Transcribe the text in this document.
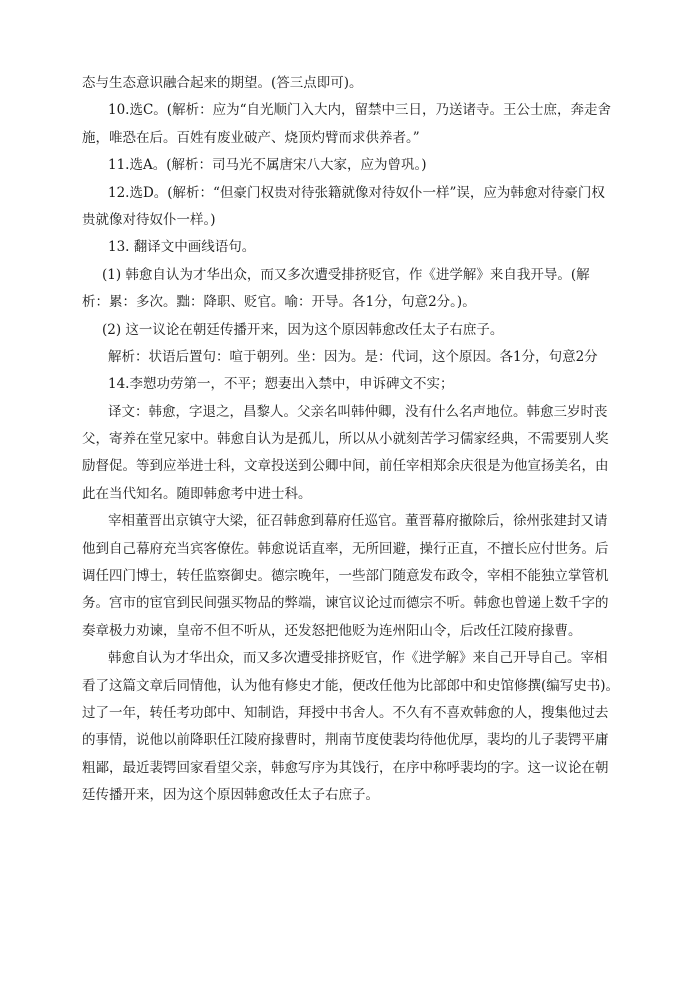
态与生态意识融合起来的期望。(答三点即可)。
10.选C。(解析：应为“自光顺门入大内，留禁中三日，乃送诸寺。王公士庶，奔走舍
施，唯恐在后。百姓有废业破产、烧顶灼臂而求供养者。”
11.选A。(解析：司马光不属唐宋八大家，应为曾巩。)
12.选D。(解析：“但豪门权贵对待张籍就像对待奴仆一样”误，应为韩愈对待豪门权
贵就像对待奴仆一样。)
13. 翻译文中画线语句。
(1) 韩愈自认为才华出众，而又多次遭受排挤贬官，作《进学解》来自我开导。(解
析：累：多次。黜：降职、贬官。喻：开导。各1分，句意2分。)。
(2) 这一议论在朝廷传播开来，因为这个原因韩愈改任太子右庶子。
解析：状语后置句：喧于朝列。坐：因为。是：代词，这个原因。各1分，句意2分
14.李愬功劳第一，不平；愬妻出入禁中，申诉碑文不实；
译文：韩愈，字退之，昌黎人。父亲名叫韩仲卿，没有什么名声地位。韩愈三岁时丧
父，寄养在堂兄家中。韩愈自认为是孤儿，所以从小就刻苦学习儒家经典，不需要别人奖
励督促。等到应举进士科，文章投送到公卿中间，前任宰相郑余庆很是为他宣扬美名，由
此在当代知名。随即韩愈考中进士科。
宰相董晋出京镇守大梁，征召韩愈到幕府任巡官。董晋幕府撤除后，徐州张建封又请
他到自己幕府充当宾客僚佐。韩愈说话直率，无所回避，操行正直，不擅长应付世务。后
调任四门博士，转任监察御史。德宗晚年，一些部门随意发布政令，宰相不能独立掌管机
务。宫市的宦官到民间强买物品的弊端，谏官议论过而德宗不听。韩愈也曾递上数千字的
奏章极力劝谏，皇帝不但不听从，还发怒把他贬为连州阳山令，后改任江陵府掾曹。
韩愈自认为才华出众，而又多次遭受排挤贬官，作《进学解》来自己开导自己。宰相
看了这篇文章后同情他，认为他有修史才能，便改任他为比部郎中和史馆修撰(编写史书)。
过了一年，转任考功郎中、知制诰，拜授中书舍人。不久有不喜欢韩愈的人，搜集他过去
的事情，说他以前降职任江陵府掾曹时，荆南节度使裴均待他优厚，裴均的儿子裴锷平庸
粗鄙，最近裴锷回家看望父亲，韩愈写序为其饯行，在序中称呼裴均的字。这一议论在朝
廷传播开来，因为这个原因韩愈改任太子右庶子。
